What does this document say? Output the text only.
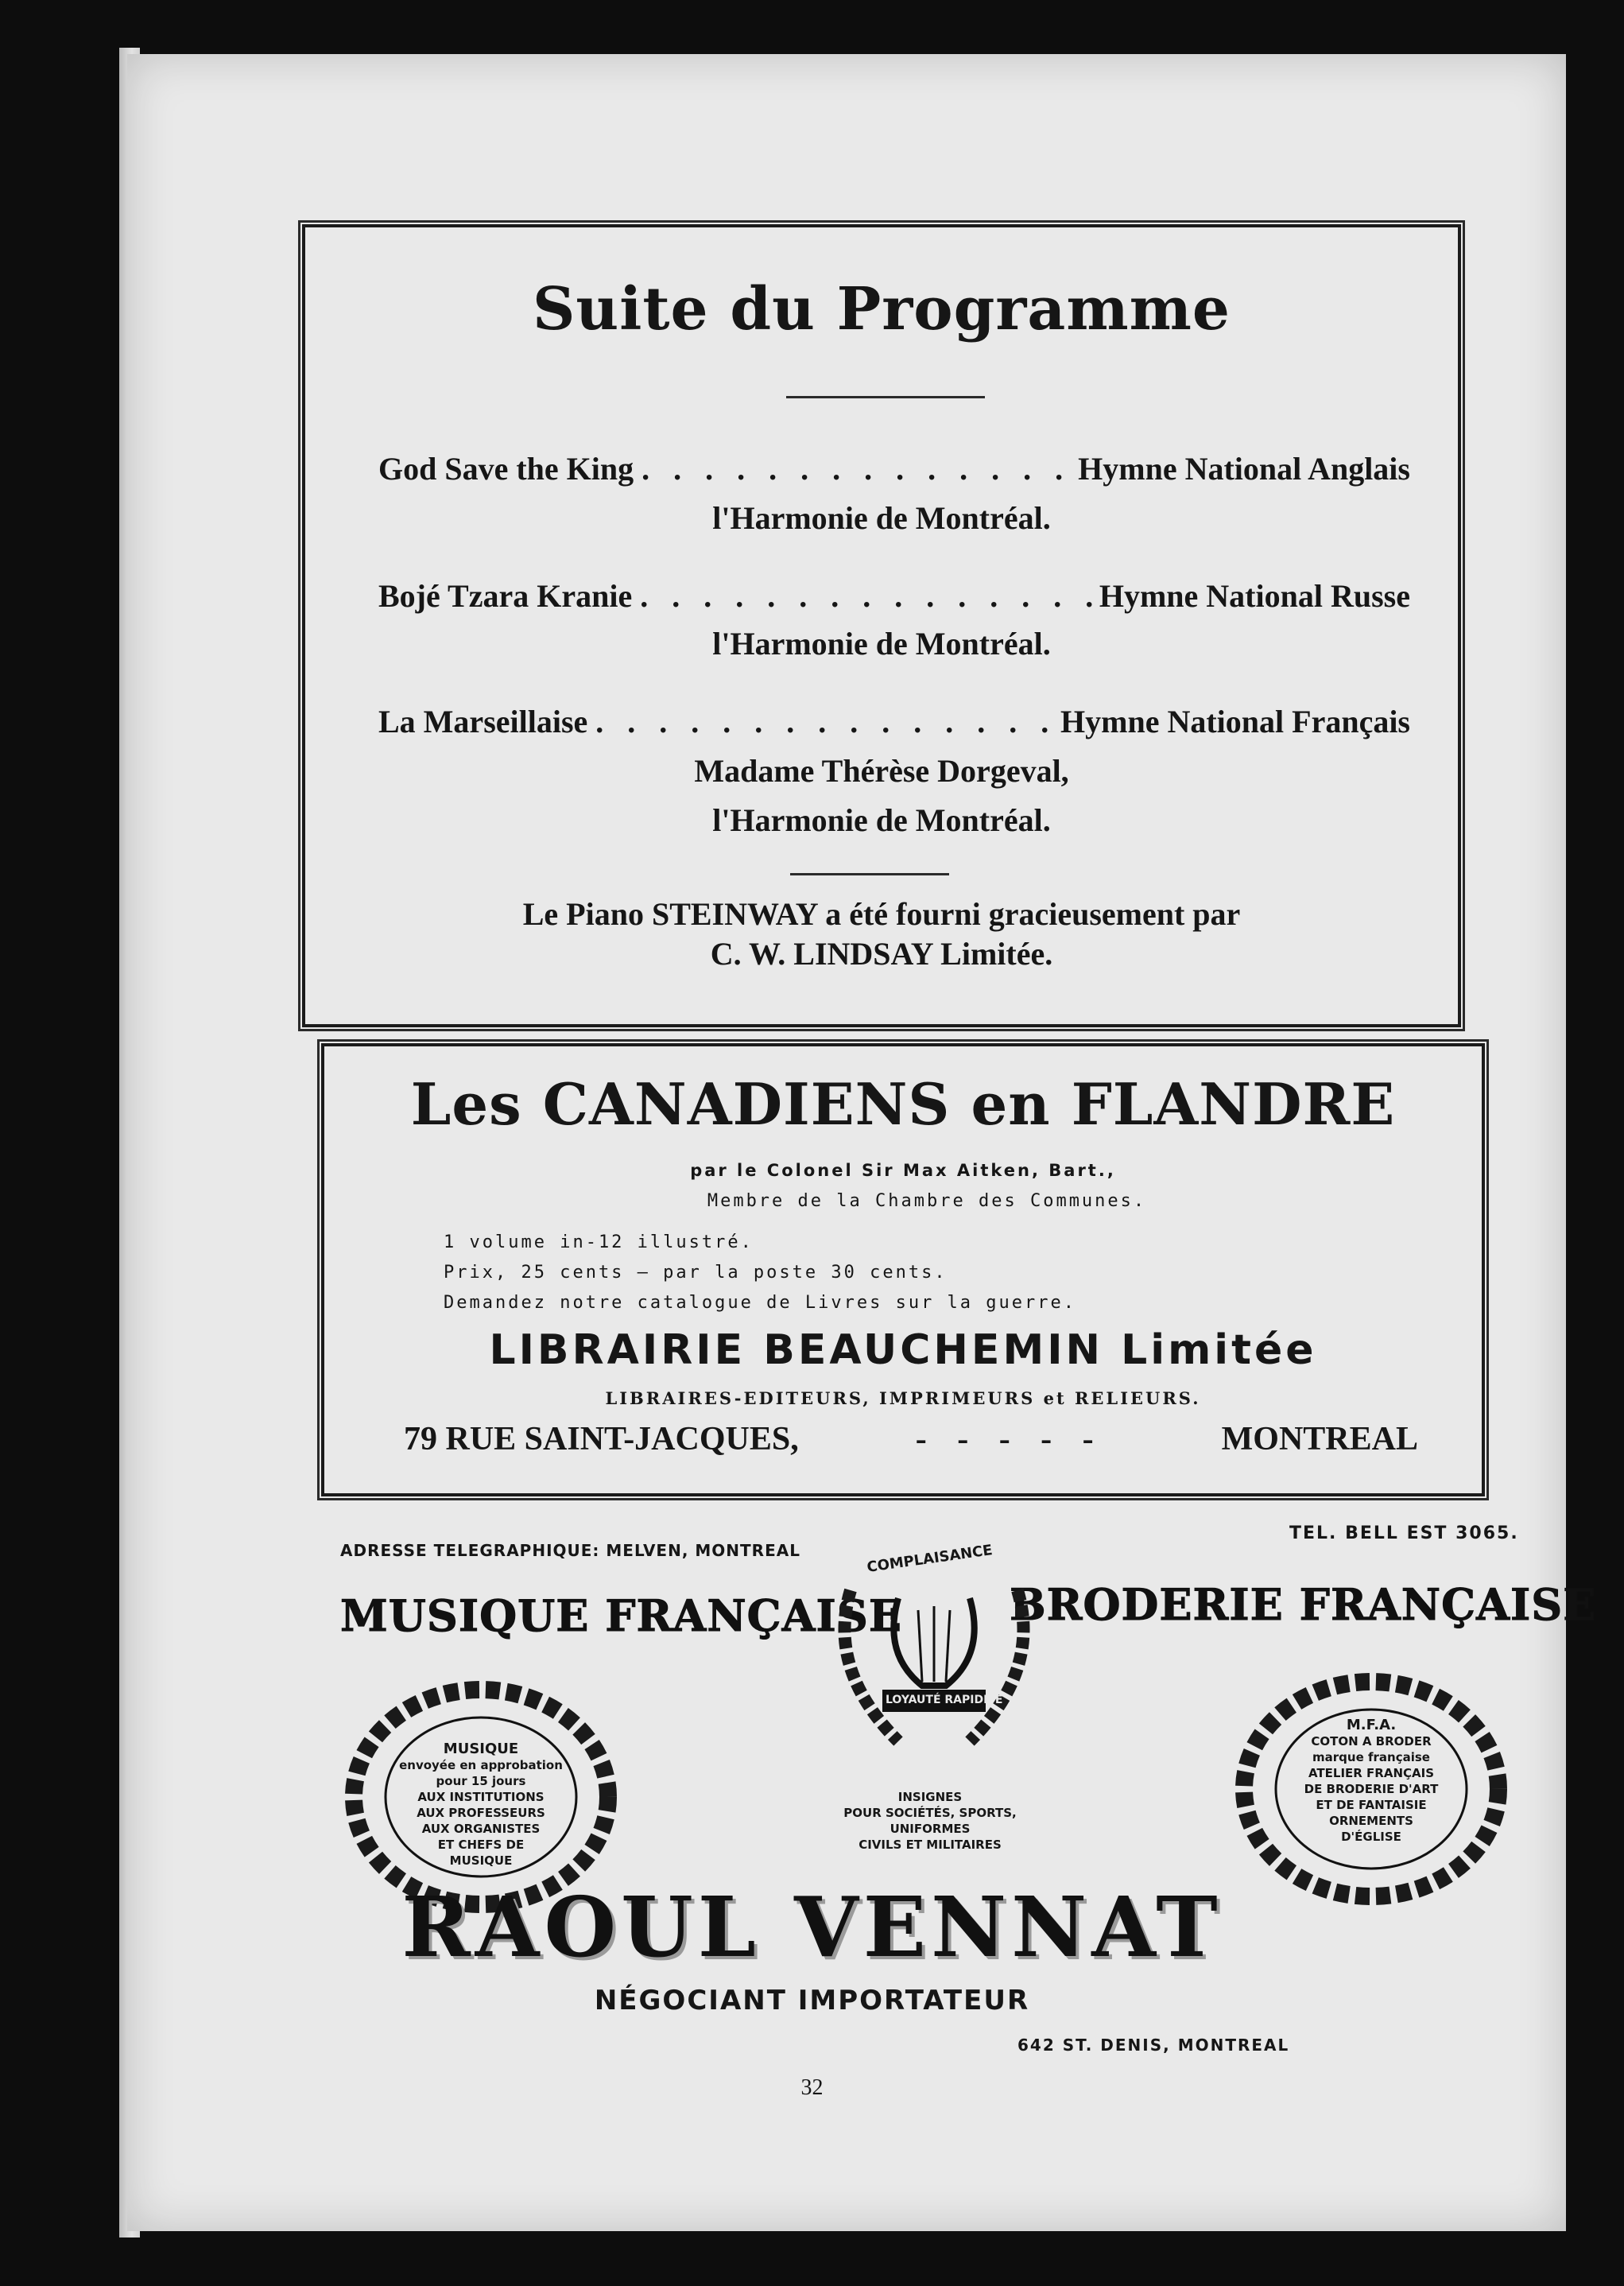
Suite du Programme
God Save the King . . .	Hymne National Anglais
l'Harmonie de Montréal.
Bojé Tzara Kranie . . .	Hymne National Russe
l'Harmonie de Montréal.
La Marseillaise . . .	Hymne National Français
Madame Thérèse Dorgeval,
l'Harmonie de Montréal.
Le Piano STEINWAY a été fourni gracieusement par
C. W. LINDSAY Limitée.
Les CANADIENS en FLANDRE
par le Colonel Sir Max Aitken, Bart.,
Membre de la Chambre des Communes.
1 volume in-12 illustré.
Prix, 25 cents — par la poste 30 cents.
Demandez notre catalogue de Livres sur la guerre.
LIBRAIRIE BEAUCHEMIN Limitée
LIBRAIRES-EDITEURS, IMPRIMEURS et RELIEURS.
79 RUE SAINT-JACQUES,	- - - - -	MONTREAL
ADRESSE TELEGRAPHIQUE: MELVEN, MONTREAL
TEL. BELL EST 3065.
MUSIQUE FRANÇAISE	BRODERIE FRANÇAISE
COMPLAISANCE
LOYAUTÉ RAPIDITÉ
INSIGNES
POUR SOCIÉTÉS, SPORTS,
UNIFORMES
CIVILS ET MILITAIRES
MUSIQUE
envoyée en approbation
pour 15 jours
AUX INSTITUTIONS
AUX PROFESSEURS
AUX ORGANISTES
ET CHEFS DE
MUSIQUE
M.F.A.
COTON A BRODER
marque française
ATELIER FRANÇAIS
DE BRODERIE D'ART
ET DE FANTAISIE
ORNEMENTS
D'ÉGLISE
RAOUL VENNAT
NÉGOCIANT IMPORTATEUR
642 ST. DENIS, MONTREAL
32
